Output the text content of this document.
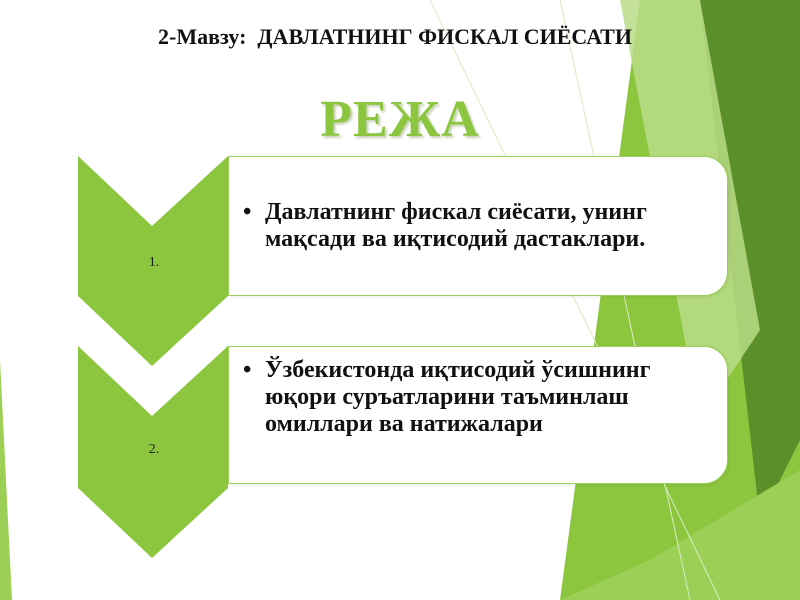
2-Мавзу:  ДАВЛАТНИНГ ФИСКАЛ СИЁСАТИ
РЕЖА
1.
• Давлатнинг фискал сиёсати, унинг мақсади ва иқтисодий дастаклари.
2.
• Ўзбекистонда иқтисодий ўсишнинг юқори суръатларини таъминлаш омиллари ва натижалари
